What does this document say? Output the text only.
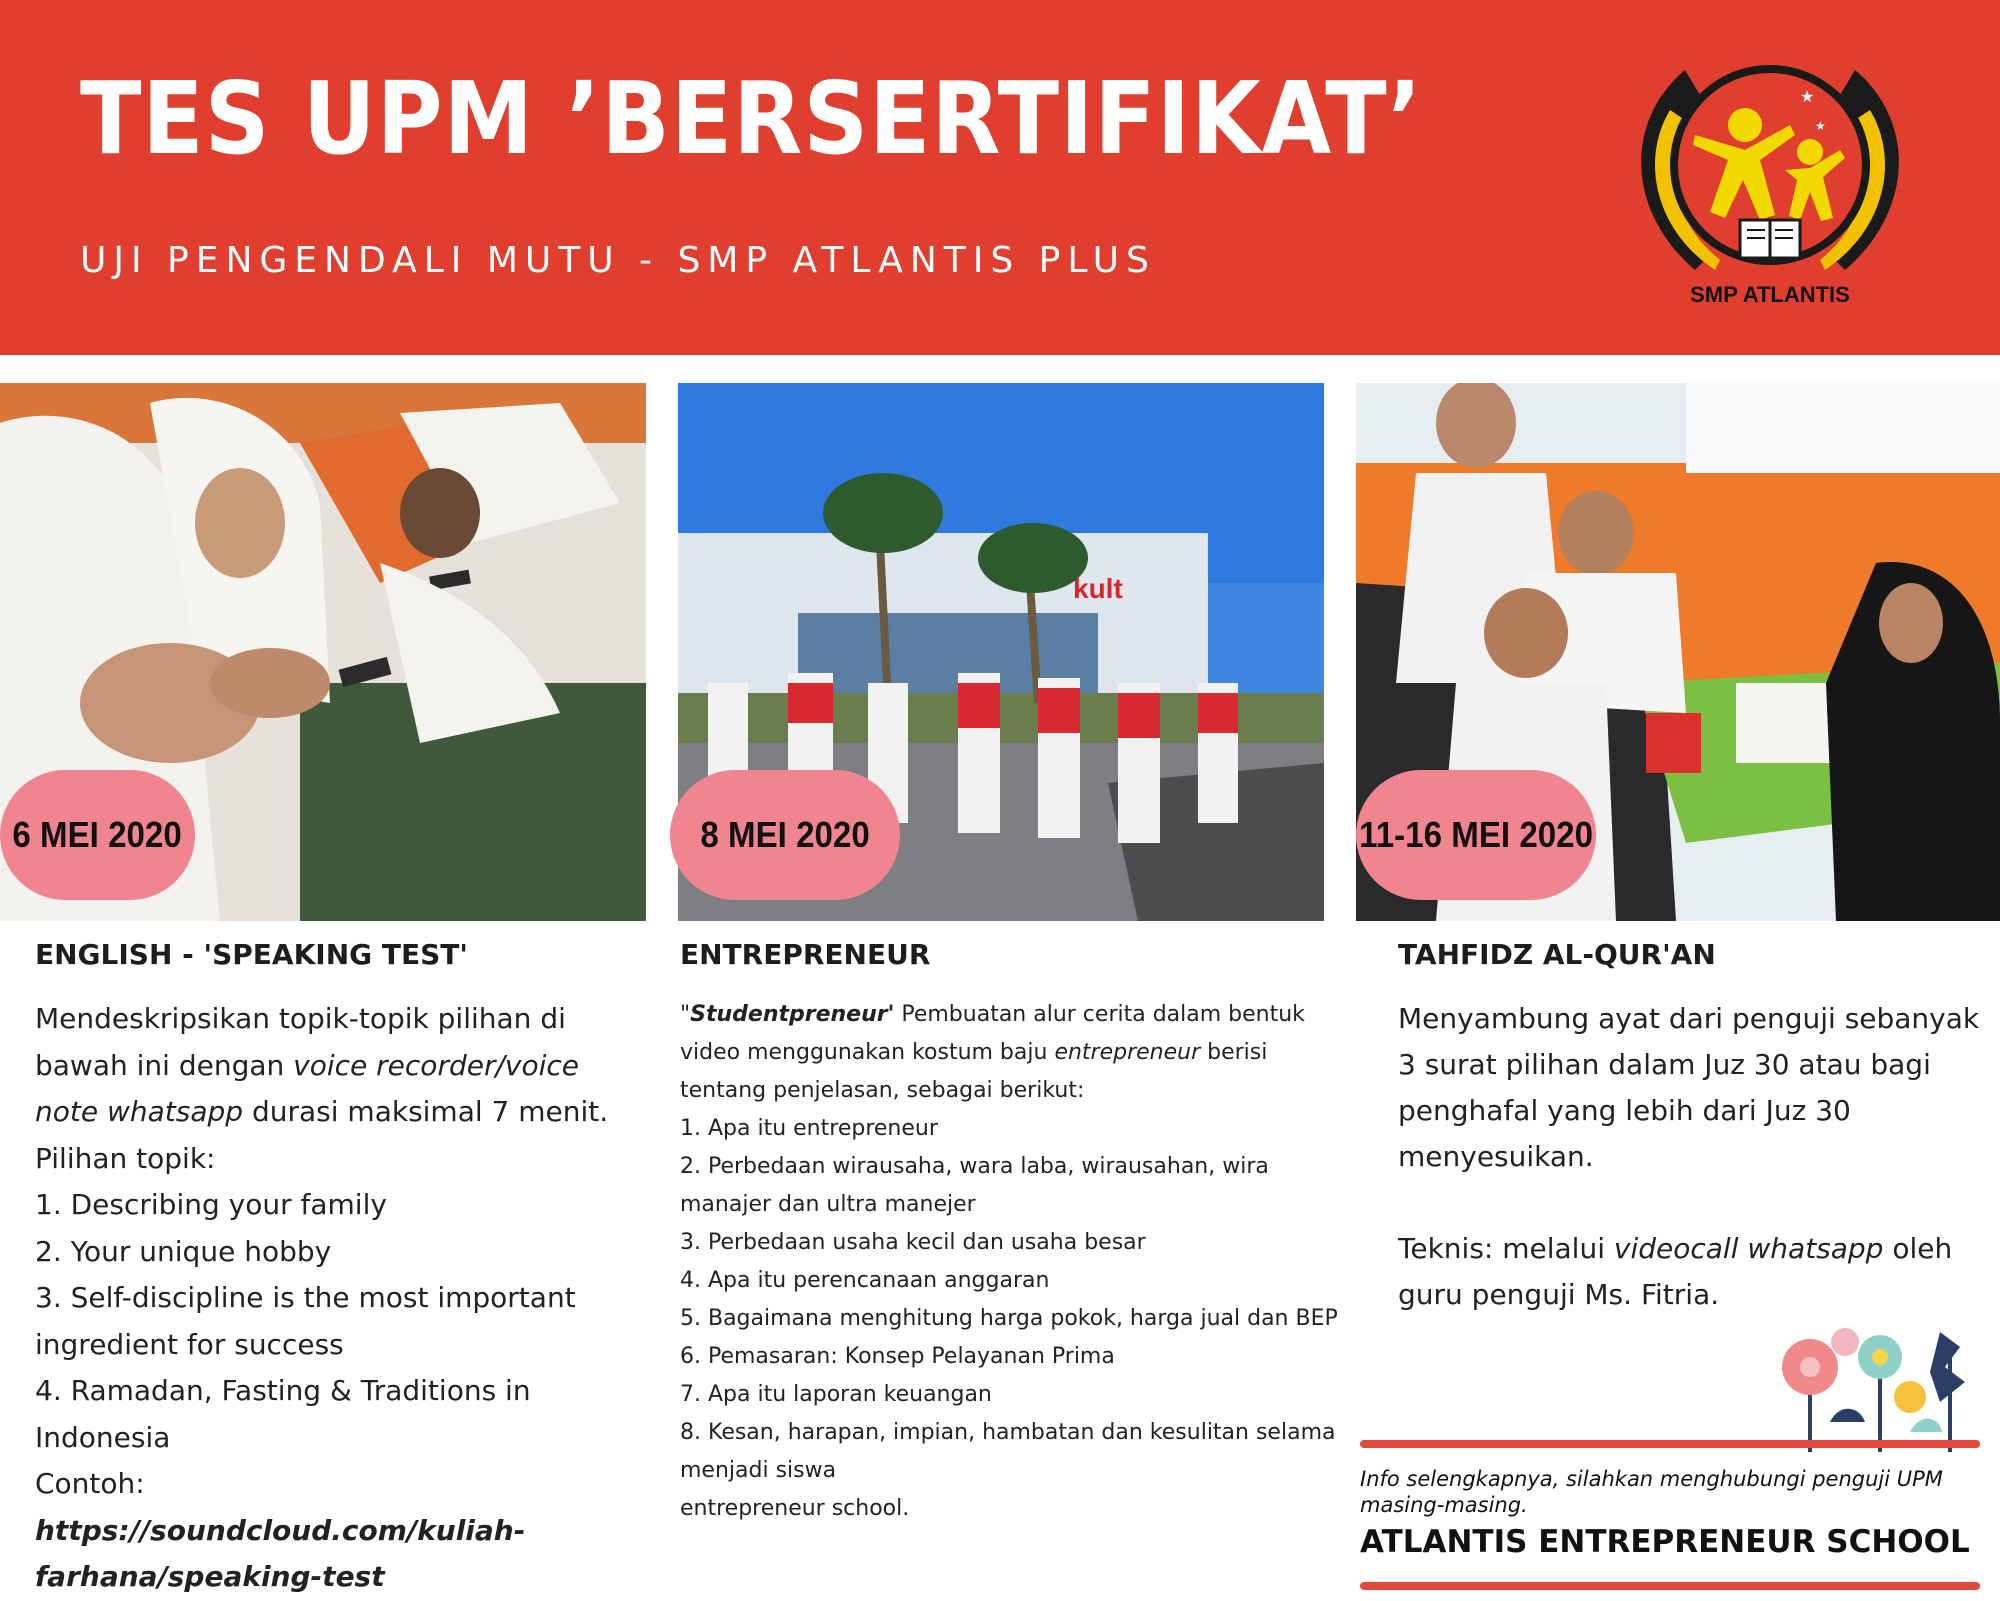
TES UPM ’BERSERTIFIKAT’
UJI PENGENDALI MUTU - SMP ATLANTIS PLUS
★
★
SMP ATLANTIS
kult
6 MEI 2020	8 MEI 2020	11-16 MEI 2020
ENGLISH - 'SPEAKING TEST'

Mendeskripsikan topik-topik pilihan di bawah ini dengan voice recorder/voice note whatsapp durasi maksimal 7 menit.

Pilihan topik:

1. Describing your family

2. Your unique hobby

3. Self-discipline is the most important ingredient for success

4. Ramadan, Fasting & Traditions in Indonesia

Contoh: https://soundcloud.com/kuliah-farhana/speaking-test

ENTREPRENEUR

"Studentpreneur' Pembuatan alur cerita dalam bentuk video menggunakan kostum baju entrepreneur berisi tentang penjelasan, sebagai berikut:

1. Apa itu entrepreneur

2. Perbedaan wirausaha, wara laba, wirausahan, wira manajer dan ultra manejer

3. Perbedaan usaha kecil dan usaha besar

4. Apa itu perencanaan anggaran

5. Bagaimana menghitung harga pokok, harga jual dan BEP

6. Pemasaran: Konsep Pelayanan Prima

7. Apa itu laporan keuangan

8. Kesan, harapan, impian, hambatan dan kesulitan selama menjadi siswa

entrepreneur school.

TAHFIDZ AL-QUR'AN

Menyambung ayat dari penguji sebanyak 3 surat pilihan dalam Juz 30 atau bagi penghafal yang lebih dari Juz 30 menyesuikan.

Teknis: melalui videocall whatsapp oleh guru penguji Ms. Fitria.

Info selengkapnya, silahkan menghubungi penguji UPM masing-masing.

ATLANTIS ENTREPRENEUR SCHOOL
